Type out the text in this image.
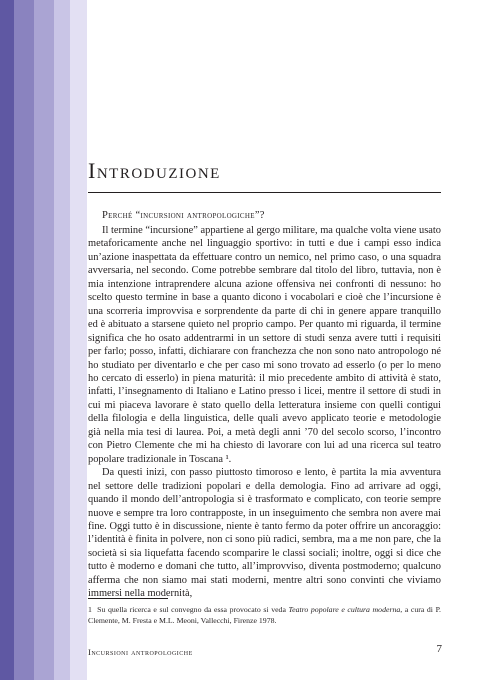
Introduzione
Perché “incursioni antropologiche”?

Il termine “incursione” appartiene al gergo militare, ma qualche volta viene usato metaforicamente anche nel linguaggio sportivo: in tutti e due i campi esso indica un’azione inaspettata da effettuare contro un nemico, nel primo caso, o una squadra avversaria, nel secondo. Come potrebbe sembrare dal titolo del libro, tuttavia, non è mia intenzione intraprendere alcuna azione offensiva nei confronti di nessuno: ho scelto questo termine in base a quanto dicono i vocabolari e cioè che l’incursione è una scorreria improvvisa e sorprendente da parte di chi in genere appare tranquillo ed è abituato a starsene quieto nel proprio campo. Per quanto mi riguarda, il termine significa che ho osato addentrarmi in un settore di studi senza avere tutti i requisiti per farlo; posso, infatti, dichiarare con franchezza che non sono nato antropologo né ho studiato per diventarlo e che per caso mi sono trovato ad esserlo (o per lo meno ho cercato di esserlo) in piena maturità: il mio precedente ambito di attività è stato, infatti, l’insegnamento di Italiano e Latino presso i licei, mentre il settore di studi in cui mi piaceva lavorare è stato quello della letteratura insieme con quelli contigui della filologia e della linguistica, delle quali avevo applicato teorie e metodologie già nella mia tesi di laurea. Poi, a metà degli anni ’70 del secolo scorso, l’incontro con Pietro Clemente che mi ha chiesto di lavorare con lui ad una ricerca sul teatro popolare tradizionale in Toscana ¹.

Da questi inizi, con passo piuttosto timoroso e lento, è partita la mia avventura nel settore delle tradizioni popolari e della demologia. Fino ad arrivare ad oggi, quando il mondo dell’antropologia si è trasformato e complicato, con teorie sempre nuove e sempre tra loro contrapposte, in un inseguimento che sembra non avere mai fine. Oggi tutto è in discussione, niente è tanto fermo da poter offrire un ancoraggio: l’identità è finita in polvere, non ci sono più radici, sembra, ma a me non pare, che la società si sia liquefatta facendo scomparire le classi sociali; inoltre, oggi si dice che tutto è moderno e domani che tutto, all’improvviso, diventa postmoderno; qualcuno afferma che non siamo mai stati moderni, mentre altri sono convinti che viviamo immersi nella modernità,

1 Su quella ricerca e sul convegno da essa provocato si veda Teatro popolare e cultura moderna, a cura di P. Clemente, M. Fresta e M.L. Meoni, Vallecchi, Firenze 1978.
Incursioni antropologiche	7
